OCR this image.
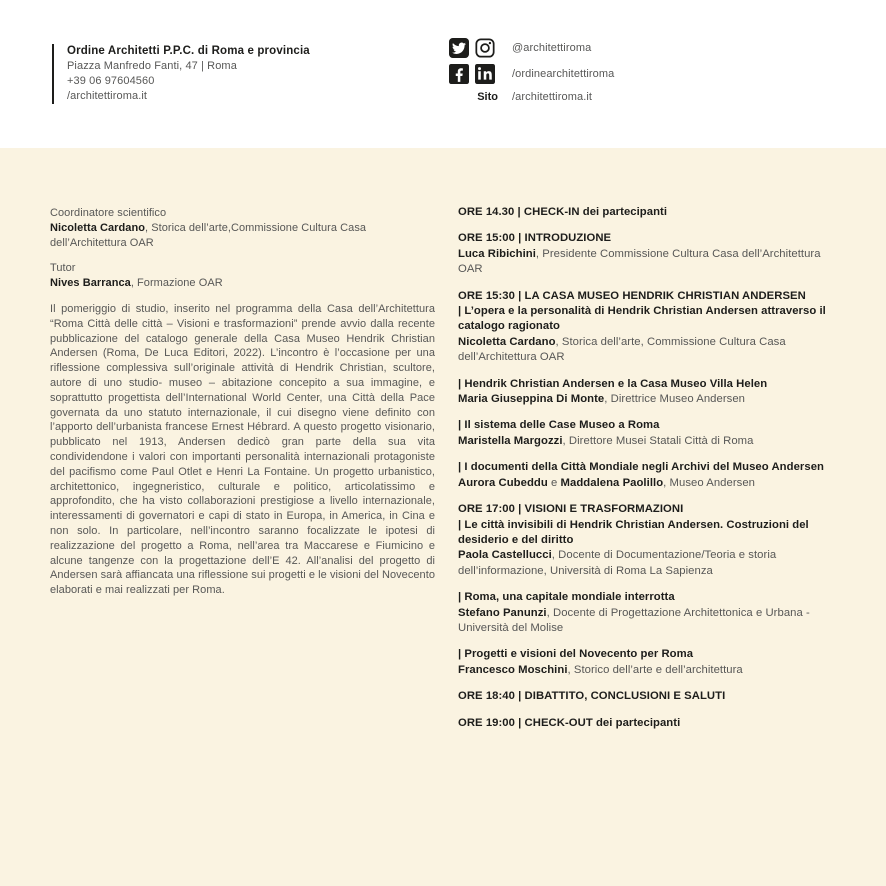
Ordine Architetti P.P.C. di Roma e provincia

Piazza Manfredo Fanti, 47 | Roma

+39 06 97604560

/architettiroma.it

@architettiroma
/ordinearchitettiroma
Sito /architettiroma.it

Coordinatore scientifico

Nicoletta Cardano, Storica dell’arte,Commissione Cultura Casa dell’Architettura OAR

Tutor

Nives Barranca, Formazione OAR

Il pomeriggio di studio, inserito nel programma della Casa dell’Architettura “Roma Città delle città – Visioni e trasformazioni” prende avvio dalla recente pubblicazione del catalogo generale della Casa Museo Hendrik Christian Andersen (Roma, De Luca Editori, 2022). L’incontro è l’occasione per una riflessione complessiva sull’originale attività di Hendrik Christian, scultore, autore di uno studio- museo – abitazione concepito a sua immagine, e soprattutto progettista dell’International World Center, una Città della Pace governata da uno statuto internazionale, il cui disegno viene definito con l’apporto dell’urbanista francese Ernest Hébrard. A questo progetto visionario, pubblicato nel 1913, Andersen dedicò gran parte della sua vita condividendone i valori con importanti personalità internazionali protagoniste del pacifismo come Paul Otlet e Henri La Fontaine. Un progetto urbanistico, architettonico, ingegneristico, culturale e politico, articolatissimo e approfondito, che ha visto collaborazioni prestigiose a livello internazionale, interessamenti di governatori e capi di stato in Europa, in America, in Cina e non solo. In particolare, nell’incontro saranno focalizzate le ipotesi di realizzazione del progetto a Roma, nell’area tra Maccarese e Fiumicino e alcune tangenze con la progettazione dell’E 42. All’analisi del progetto di Andersen sarà affiancata una riflessione sui progetti e le visioni del Novecento elaborati e mai realizzati per Roma.

ORE 14.30 | CHECK-IN dei partecipanti

ORE 15:00 | INTRODUZIONE

Luca Ribichini, Presidente Commissione Cultura Casa dell’Architettura OAR

ORE 15:30 | LA CASA MUSEO HENDRIK CHRISTIAN ANDERSEN

| L’opera e la personalità di Hendrik Christian Andersen attraverso il catalogo ragionato

Nicoletta Cardano, Storica dell’arte, Commissione Cultura Casa dell’Architettura OAR

| Hendrik Christian Andersen e la Casa Museo Villa Helen

Maria Giuseppina Di Monte, Direttrice Museo Andersen

| Il sistema delle Case Museo a Roma

Maristella Margozzi, Direttore Musei Statali Città di Roma

| I documenti della Città Mondiale negli Archivi del Museo Andersen

Aurora Cubeddu e Maddalena Paolillo, Museo Andersen

ORE 17:00 | VISIONI E TRASFORMAZIONI

| Le città invisibili di Hendrik Christian Andersen. Costruzioni del desiderio e del diritto

Paola Castellucci, Docente di Documentazione/Teoria e storia dell’informazione, Università di Roma La Sapienza

| Roma, una capitale mondiale interrotta

Stefano Panunzi, Docente di Progettazione Architettonica e Urbana - Università del Molise

| Progetti e visioni del Novecento per Roma

Francesco Moschini, Storico dell’arte e dell’architettura

ORE 18:40 | DIBATTITO, CONCLUSIONI E SALUTI

ORE 19:00 | CHECK-OUT dei partecipanti
